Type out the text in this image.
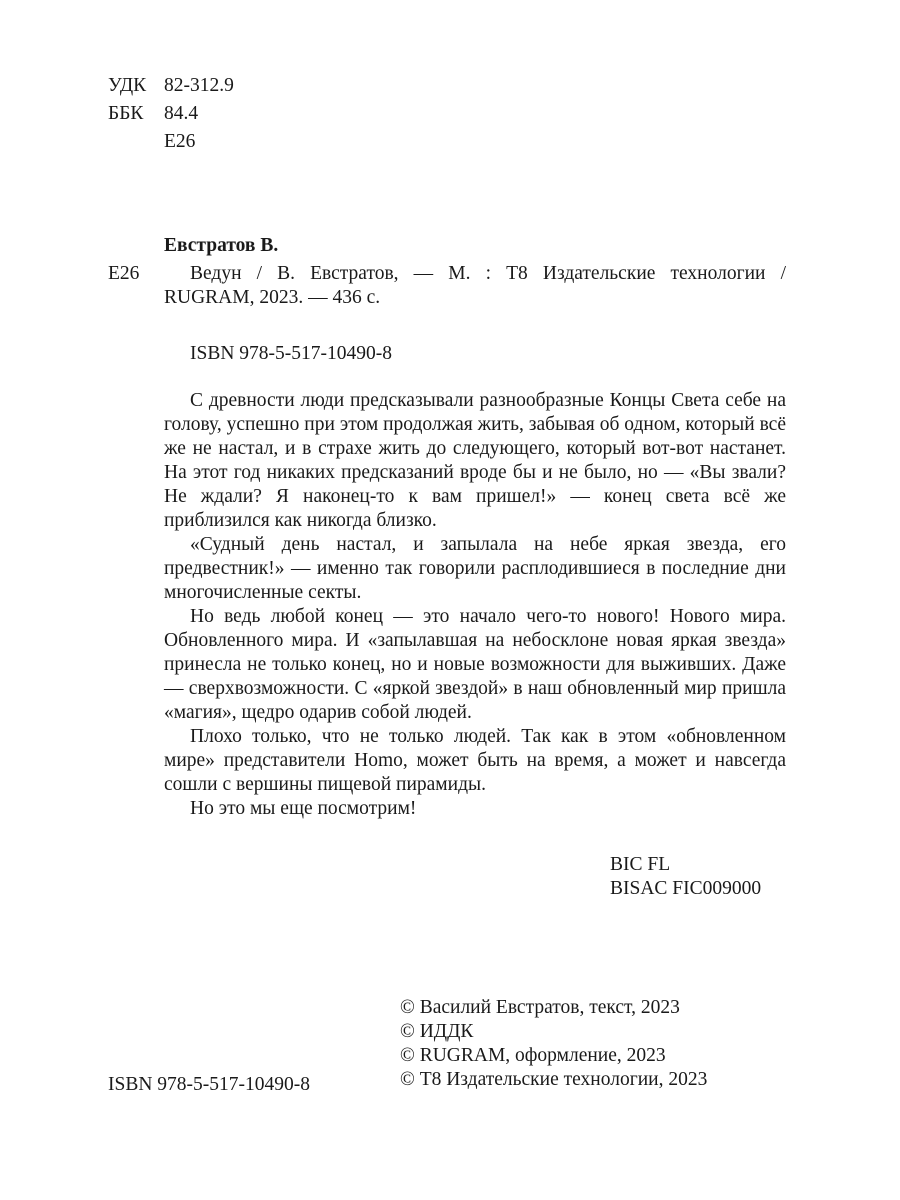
УДК 82-312.9
ББК 84.4
Е26
Евстратов В.
Е26	Ведун / В. Евстратов, — М. : Т8 Издательские технологии /
RUGRAM, 2023. — 436 с.
ISBN 978-5-517-10490-8

С древности люди предсказывали разнообразные Концы Света себе на голову, успешно при этом продолжая жить, забывая об одном, который всё же не настал, и в страхе жить до следующего, который вот-вот настанет. На этот год никаких предсказаний вроде бы и не было, но — «Вы звали? Не ждали? Я наконец-то к вам пришел!» — конец света всё же приблизился как никогда близко.

«Судный день настал, и запылала на небе яркая звезда, его предвестник!» — именно так говорили расплодившиеся в последние дни многочисленные секты.

Но ведь любой конец — это начало чего-то нового! Нового мира. Обновленного мира. И «запылавшая на небосклоне новая яркая звезда» принесла не только конец, но и новые возможности для выживших. Даже — сверхвозможности. С «яркой звездой» в наш обновленный мир пришла «магия», щедро одарив собой людей.

Плохо только, что не только людей. Так как в этом «обновленном мире» представители Homo, может быть на время, а может и навсегда сошли с вершины пищевой пирамиды.

Но это мы еще посмотрим!

BIC FL
BISAC FIC009000
© Василий Евстратов, текст, 2023
© ИДДК
© RUGRAM, оформление, 2023
© Т8 Издательские технологии, 2023
ISBN 978-5-517-10490-8
